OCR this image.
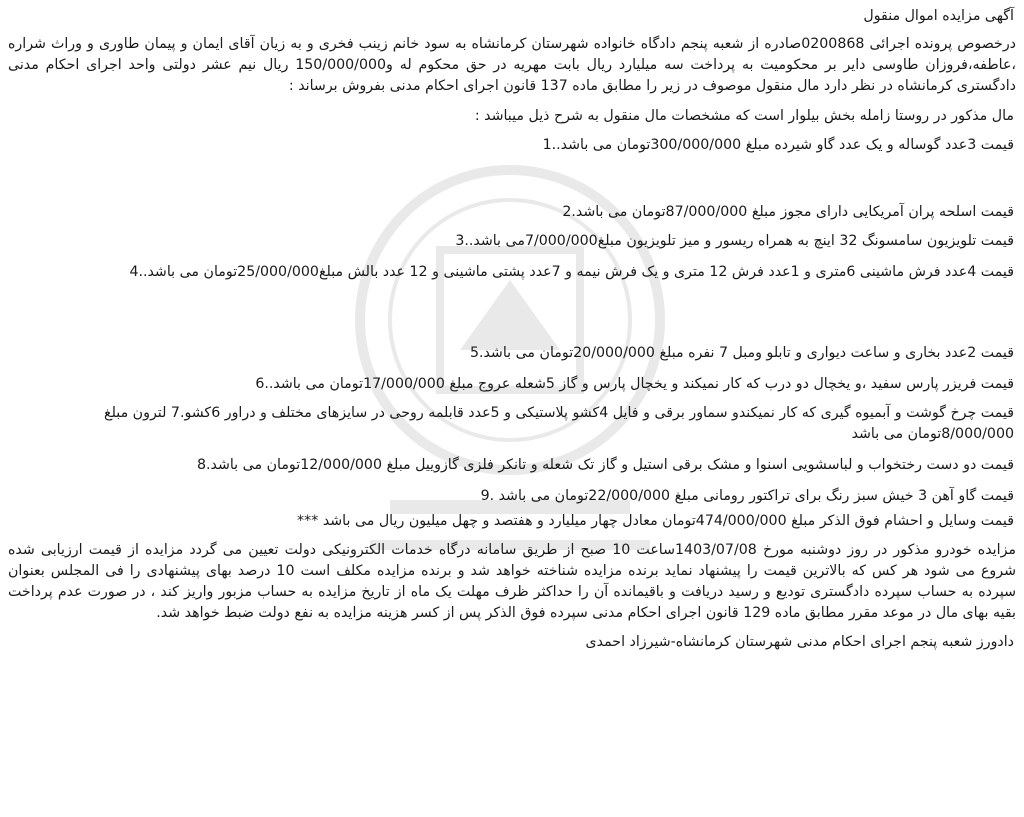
آگهی مزایده اموال منقول
درخصوص پرونده اجرائی 0200868صادره از شعبه پنجم دادگاه خانواده شهرستان کرمانشاه به سود خانم زینب فخری و به زیان آقای ایمان و پیمان طاوری و وراث شراره ،عاطفه،فروزان طاوسی دایر بر محکومیت به پرداخت سه میلیارد ریال بابت مهریه در حق محکوم له و150/000/000 ریال نیم عشر دولتی واحد اجرای احکام مدنی دادگستری کرمانشاه در نظر دارد مال منقول موصوف در زیر را مطابق ماده 137 قانون اجرای احکام مدنی بفروش برساند :
مال مذکور در روستا زامله بخش بیلوار است که مشخصات مال منقول به شرح ذیل میباشد :
قیمت 3عدد گوساله و یک عدد گاو شیرده مبلغ 300/000/000تومان می باشد..1
قیمت اسلحه پران آمریکایی دارای مجوز مبلغ 87/000/000تومان می باشد.2
قیمت تلویزیون سامسونگ 32 اینچ به همراه ریسور و میز تلویزیون مبلغ7/000/000می باشد..3
قیمت 4عدد فرش ماشینی 6متری و 1عدد فرش 12 متری و یک فرش نیمه و 7عدد پشتی ماشینی و 12 عدد بالش مبلغ25/000/000تومان می باشد..4
قیمت 2عدد بخاری و ساعت دیواری و تابلو ومبل 7 نفره مبلغ 20/000/000تومان می باشد.5
قیمت فریزر پارس سفید ،و یخچال دو درب که کار نمیکند و یخچال پارس و گاز 5شعله عروج مبلغ 17/000/000تومان می باشد..6
قیمت چرخ گوشت و آبمیوه گیری که کار نمیکندو سماور برقی و فایل 4کشو پلاستیکی و 5عدد قابلمه روحی در سایزهای مختلف و دراور 6کشو.7 لترون مبلغ 8/000/000تومان می باشد
قیمت دو دست رختخواب و لباسشویی اسنوا و مشک برقی استیل و گاز تک شعله و تانکر فلزی گازوییل مبلغ 12/000/000تومان می باشد.8
قیمت گاو آهن 3 خیش سبز رنگ برای تراکتور رومانی مبلغ 22/000/000تومان می باشد .9
قیمت وسایل و احشام فوق الذکر مبلغ 474/000/000تومان معادل چهار میلیارد و هفتصد و چهل میلیون ریال می باشد ***
مزایده خودرو مذکور در روز دوشنبه مورخ 1403/07/08ساعت 10 صبح از طریق سامانه درگاه خدمات الکترونیکی دولت تعیین می گردد مزایده از قیمت ارزیابی شده شروع می شود هر کس که بالاترین قیمت را پیشنهاد نماید برنده مزایده شناخته خواهد شد و برنده مزایده مکلف است 10 درصد بهای پیشنهادی را فی المجلس بعنوان سپرده به حساب سپرده دادگستری تودیع و رسید دریافت و باقیمانده آن را حداکثر ظرف مهلت یک ماه از تاریخ مزایده به حساب مزبور واریز کند ، در صورت عدم پرداخت بقیه بهای مال در موعد مقرر مطابق ماده 129 قانون اجرای احکام مدنی سپرده فوق الذکر پس از کسر هزینه مزایده به نفع دولت ضبط خواهد شد.
دادورز شعبه پنجم اجرای احکام مدنی شهرستان کرمانشاه-شیرزاد احمدی
